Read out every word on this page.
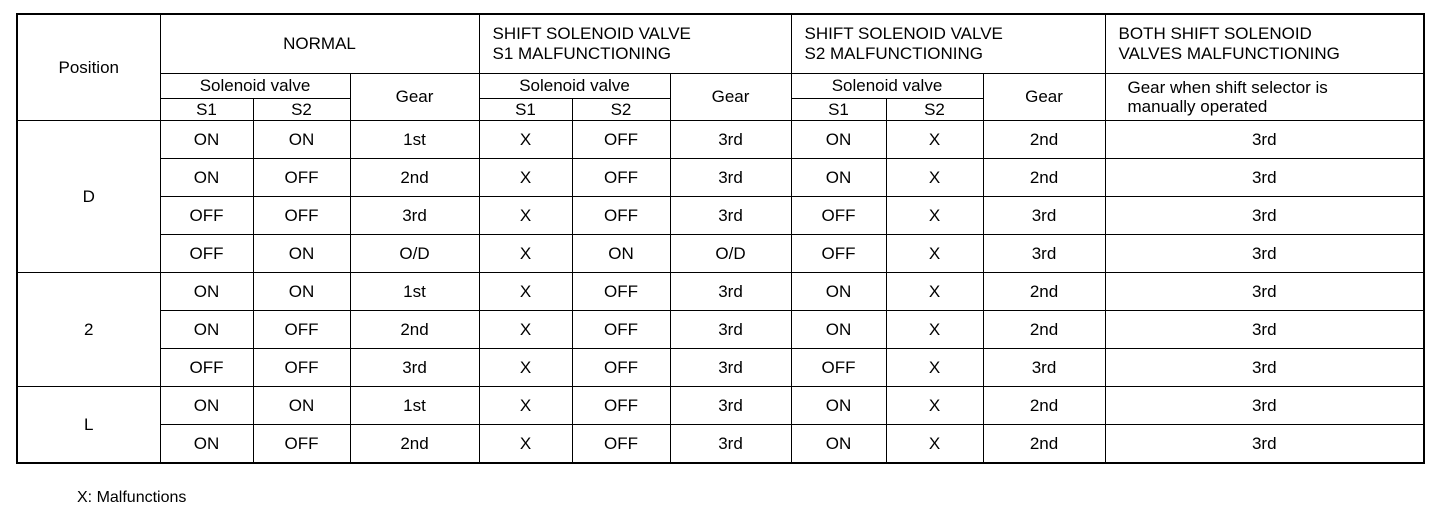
Position	NORMAL			SHIFT SOLENOID VALVE
S1 MALFUNCTIONING			SHIFT SOLENOID VALVE
S2 MALFUNCTIONING			BOTH SHIFT SOLENOID
VALVES MALFUNCTIONING
	Solenoid valve		Gear	Solenoid valve		Gear	Solenoid valve		Gear	Gear when shift selector is
manually operated
	S1	S2		S1	S2		S1	S2		
D	ON	ON	1st	X	OFF	3rd	ON	X	2nd	3rd
	ON	OFF	2nd	X	OFF	3rd	ON	X	2nd	3rd
	OFF	OFF	3rd	X	OFF	3rd	OFF	X	3rd	3rd
	OFF	ON	O/D	X	ON	O/D	OFF	X	3rd	3rd
2	ON	ON	1st	X	OFF	3rd	ON	X	2nd	3rd
	ON	OFF	2nd	X	OFF	3rd	ON	X	2nd	3rd
	OFF	OFF	3rd	X	OFF	3rd	OFF	X	3rd	3rd
L	ON	ON	1st	X	OFF	3rd	ON	X	2nd	3rd
	ON	OFF	2nd	X	OFF	3rd	ON	X	2nd	3rd
X: Malfunctions
